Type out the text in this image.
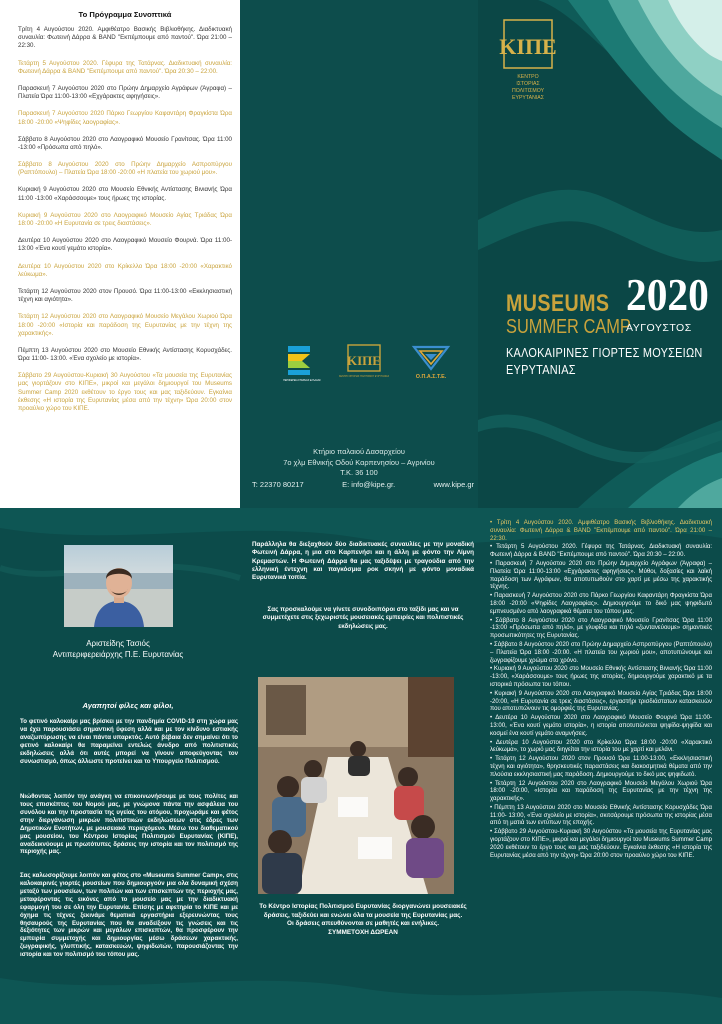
Το Πρόγραμμα Συνοπτικά
Τρίτη 4 Αυγούστου 2020. Αμφιθέατρο Βασικής Βιβλιοθήκης. Διαδικτυακή συναυλία: Φωτεινή Δάρρα & BAND "Εκπέμπουμε από παντού". Ώρα 21:00 – 22:30.
Τετάρτη 5 Αυγούστου 2020. Γέφυρα της Τατάρνας. Διαδικτυακή συναυλία: Φωτεινή Δάρρα & BAND "Εκπέμπουμε από παντού". Ώρα 20:30 – 22:00.
Παρασκευή 7 Αυγούστου 2020 στο Πρώην Δημαρχείο Αγράφων (Άγραφα) – Πλατεία Ώρα 11:00-13:00 «Εχγάρακτες αφηγήσεις».
Παρασκευή 7 Αυγούστου 2020 Πάρκο Γεωργίου Καφαντάρη Φραγκίστα Ώρα 18:00 -20:00 «Ψηφίδες λαογραφίας».
Σάββατο 8 Αυγούστου 2020 στο Λαογραφικό Μουσείο Γρανίτσας. Ώρα 11:00 -13:00 «Πρόσωπα από πηλό».
Σάββατο 8 Αυγούστου 2020 στο Πρώην Δημαρχείο Ασπροπύργου (Ραπτόπουλο) – Πλατεία Ώρα 18:00 -20:00 «Η πλατεία του χωριού μου».
Κυριακή 9 Αυγούστου 2020 στο Μουσείο Εθνικής Αντίστασης Βινιανής Ώρα 11:00 -13:00 «Χαράσσουμε» τους ήρωες της ιστορίας.
Κυριακή 9 Αυγούστου 2020 στο Λαογραφικό Μουσείο Αγίας Τριάδας Ώρα 18:00 -20:00 «Η Ευρυτανία σε τρεις διαστάσεις».
Δευτέρα 10 Αυγούστου 2020 στο Λαογραφικό Μουσείο Φουρνά. Ώρα 11:00- 13:00 «Ένα κουτί γεμάτο ιστορία».
Δευτέρα 10 Αυγούστου 2020 στο Κρίκελλο Ώρα 18:00 -20:00 «Χαρακτικό λεύκωμα».
Τετάρτη 12 Αυγούστου 2020 στον Προυσό. Ώρα 11:00-13:00 «Εκκλησιαστική τέχνη και αγιότητα».
Τετάρτη 12 Αυγούστου 2020 στο Λαογραφικό Μουσείο Μεγάλου Χωριού Ώρα 18:00 -20:00 «Ιστορία και παράδοση της Ευρυτανίας με την τέχνη της χαρακτικής».
Πέμπτη 13 Αυγούστου 2020 στο Μουσείο Εθνικής Αντίστασης Κορυσχάδες. Ώρα 11:00- 13:00. «Ένα σχολείο με ιστορία».
Σάββατο 29 Αυγούστου-Κυριακή 30 Αυγούστου «Τα μουσεία της Ευρυτανίας μας γιορτάζουν στο ΚΙΠΕ», μικροί και μεγάλοι δημιουργοί του Museums Summer Camp 2020 εκθέτουν το έργο τους και μας ταξιδεύουν. Εγκαίνια έκθεσης «Η ιστορία της Ευρυτανίας μέσα από την τέχνη» Ώρα 20:00 στον προαύλιο χώρο του ΚΙΠΕ.
ΠΕΡΙΦΕΡΕΙΑ ΣΤΕΡΕΑΣ ΕΛΛΑΔΑΣ
ΚΙΠΕ
ΚΕΝΤΡΟ ΙΣΤΟΡΙΑΣ ΠΟΛΙΤΙΣΜΟΥ ΕΥΡΥΤΑΝΙΑΣ	Ο.Π.Α.Σ.Τ.Ε.
Κτήριο παλαιού Δασαρχείου
7ο χλμ Εθνικής Οδού Καρπενησίου – Αγρινίου
Τ.Κ. 36 100
T: 22370 80217	E: info@kipe.gr.	www.kipe.gr
ΚΙΠΕ
ΚΕΝΤΡΟ
ΙΣΤΟΡΙΑΣ
ΠΟΛΙΤΙΣΜΟΥ
ΕΥΡΥΤΑΝΙΑΣ
MUSEUMS 2020
SUMMER CAMP
ΑΥΓΟΥΣΤΟΣ
ΚΑΛΟΚΑΙΡΙΝΕΣ ΓΙΟΡΤΕΣ ΜΟΥΣΕΙΩΝ
ΕΥΡΥΤΑΝΙΑΣ
Αριστείδης Τασιός
Αντιπεριφερειάρχης Π.Ε. Ευρυτανίας
Αγαπητοί φίλες και φίλοι,
Το φετινό καλοκαίρι μας βρίσκει με την πανδημία COVID-19 στη χώρα μας να έχει παρουσιάσει σημαντική ύφεση αλλά και με τον κίνδυνο εστιακής αναζωπύρωσης να είναι πάντα υπαρκτός. Αυτό βέβαια δεν σημαίνει ότι το φετινό καλοκαίρι θα παραμείνει εντελώς άνυδρο από πολιτιστικές εκδηλώσεις αλλά ότι αυτές μπορεί να γίνουν αποφεύγοντας τον συνωστισμό, όπως άλλωστε προτείνει και το Υπουργείο Πολιτισμού.
Νιώθοντας λοιπόν την ανάγκη να επικοινωνήσουμε με τους πολίτες και τους επισκέπτες του Νομού μας, με γνώμονα πάντα την ασφάλεια του συνόλου και την προστασία της υγείας του ατόμου, προχωράμε και φέτος στην διεργάνωση μικρών πολιτιστικών εκδηλώσεων στις έδρες των Δημοτικών Ενοτήτων, με μουσειακό περιεχόμενο. Μέσω του διαθεματικού μας μουσείου, του Κέντρου Ιστορίας Πολιτισμού Ευρυτανίας (ΚΙΠΕ), αναδεικνύουμε με πρωτότυπες δράσεις την ιστορία και τον πολιτισμό της περιοχής μας.
Σας καλωσορίζουμε λοιπόν και φέτος στο «Museums Summer Camp», στις καλοκαιρινές γιορτές μουσείων που δημιουργούν μια ολα δυναμική σχέση μεταξύ των μουσείων, των πολιτών και των επισκεπτών της περιοχής μας, μεταφέροντας τις εικόνες από το μουσείο μας με την διαδικτυακή εφαρμογή του σε όλη την Ευρυτανία. Επίσης με αφετηρία το ΚΙΠΕ και με όχημα τις τέχνες ξεκινάμε θεματικά εργαστήρια εξερευνώντας τους θησαυρούς της Ευρυτανίας που θα αναδείξουν τις γνώσεις και τις δεξιότητες των μικρών και μεγάλων επισκεπτών, θα προσφέρουν την εμπειρία συμμετοχής και δημιουργίας μέσω δράσεων χαρακτικής, ζωγραφικής, γλυπτικής, κατασκευών, ψηφιδωτών, παρουσιάζοντας την ιστορία και τον πολιτισμό του τόπου μας.
Παράλληλα θα διεξαχθούν δύο διαδικτυακές συναυλίες με την μοναδική Φωτεινή Δάρρα, η μια στο Καρπενήσι και η άλλη με φόντο την Λίμνη Κρεμαστών. Η Φωτεινή Δάρρα θα μας ταξιδέψει με τραγούδια από την ελληνική έντεχνη και παγκόσμια ροκ σκηνή με φόντο μοναδικά Ευρυτανικά τοπία.
Σας προσκαλούμε να γίνετε συνοδοιπόροι στο ταξίδι μας και να συμμετέχετε στις ξεχωριστές μουσειακές εμπειρίες και πολιτιστικές εκδηλώσεις μας.
Το Κέντρο Ιστορίας Πολιτισμού Ευρυτανίας διοργανώνει μουσειακές δράσεις, ταξιδεύει και ενώνει όλα τα μουσεία της Ευρυτανίας μας.
Οι δράσεις απευθύνονται σε μαθητές και ενήλικες.
ΣΥΜΜΕΤΟΧΗ ΔΩΡΕΑΝ
• Τρίτη 4 Αυγούστου 2020. Αμφιθέατρο Βασικής Βιβλιοθήκης. Διαδικτυακή συναυλία: Φωτεινή Δάρρα & BAND "Εκπέμπουμε από παντού". Ώρα 21:00 – 22:30.
• Τετάρτη 5 Αυγούστου 2020. Γέφυρα της Τατάρνας. Διαδικτυακή συναυλία: Φωτεινή Δάρρα & BAND "Εκπέμπουμε από παντού". Ώρα 20:30 – 22:00.
• Παρασκευή 7 Αυγούστου 2020 στο Πρώην Δημαρχείο Αγράφων (Άγραφα) – Πλατεία Ώρα 11:00-13:00 «Εχγάρακτες αφηγήσεις». Μύθοι, δοξασίες και λαϊκή παράδοση των Αγράφων, θα αποτυπωθούν στο χαρτί με μέσω της χαρακτικής τέχνης.
• Παρασκευή 7 Αυγούστου 2020 στο Πάρκο Γεωργίου Καφαντάρη Φραγκίστα Ώρα 18:00 -20:00 «Ψηφίδες Λαογραφίας». Δημιουργούμε το δικό μας ψηφιδωτό εμπνευσμένο από λαογραφικά θέματα του τόπου μας.
• Σάββατο 8 Αυγούστου 2020 στο Λαογραφικό Μουσείο Γρανίτσας Ώρα 11:00 -13:00 «Πρόσωπα από πηλό», με γλυφίδα και πηλό «ζωντανεύουμε» σημαντικές προσωπικότητες της Ευρυτανίας.
• Σάββατο 8 Αυγούστου 2020 στο Πρώην Δημαρχείο Ασπροπύργου (Ραπτόπουλο) – Πλατεία Ώρα 18:00 -20:00. «Η πλατεία του χωριού μου», αποτυπώνουμε και ζωγραφίζουμε χρώμα στο χρόνο.
• Κυριακή 9 Αυγούστου 2020 στο Μουσείο Εθνικής Αντίστασης Βινιανής Ώρα 11:00 -13:00, «Χαράσσουμε» τους ήρωες της ιστορίας, δημιουργούμε χαρακτικό με τα ιστορικά πρόσωπα του τόπου.
• Κυριακή 9 Αυγούστου 2020 στο Λαογραφικό Μουσείο Αγίας Τριάδας Ώρα 18:00 -20:00, «Η Ευρυτανία σε τρεις διαστάσεις», εργαστήρι τρισδιάστατων κατασκευών που αποτυπώνουν τις ομορφιές της Ευρυτανίας.
• Δευτέρα 10 Αυγούστου 2020 στο Λαογραφικό Μουσείο Φουρνά Ώρα 11:00- 13:00, «Ένα κουτί γεμάτο ιστορία», η ιστορία αποτυπώνεται ψηφίδα-ψηφίδα και κοσμεί ένα κουτί γεμάτο αναμνήσεις.
• Δευτέρα 10 Αυγούστου 2020 στο Κρίκελλο Ώρα 18:00 -20:00 «Χαρακτικό λεύκωμα», το χωριό μας διηγείται την ιστορία του με χαρτί και μελάνι.
• Τετάρτη 12 Αυγούστου 2020 στον Προυσό Ώρα 11:00-13:00, «Εκκλησιαστική τέχνη και αγιότητα», θρησκευτικές παραστάσεις και διακοσμητικά θέματα από την πλούσια εκκλησιαστική μας παράδοση. Δημιουργούμε το δικό μας ψηφιδωτό.
• Τετάρτη 12 Αυγούστου 2020 στο Λαογραφικό Μουσείο Μεγάλου Χωριού Ώρα 18:00 -20:00, «Ιστορία και παράδοση της Ευρυτανίας με την τέχνη της χαρακτικής».
• Πέμπτη 13 Αυγούστου 2020 στο Μουσείο Εθνικής Αντίστασης Κορυσχάδες Ώρα 11:00- 13:00, «Ένα σχολείο με ιστορία», σκιτσάρουμε πρόσωπα της ιστορίας μέσα από τη ματιά των εντύπων της εποχής.
• Σάββατο 29 Αυγούστου-Κυριακή 30 Αυγούστου «Τα μουσεία της Ευρυτανίας μας γιορτάζουν στο ΚΙΠΕ», μικροί και μεγάλοι δημιουργοί του Museums Summer Camp 2020 εκθέτουν το έργο τους και μας ταξιδεύουν. Εγκαίνια έκθεσης «Η ιστορία της Ευρυτανίας μέσα από την τέχνη» Ώρα 20:00 στον προαύλιο χώρο του ΚΙΠΕ.
